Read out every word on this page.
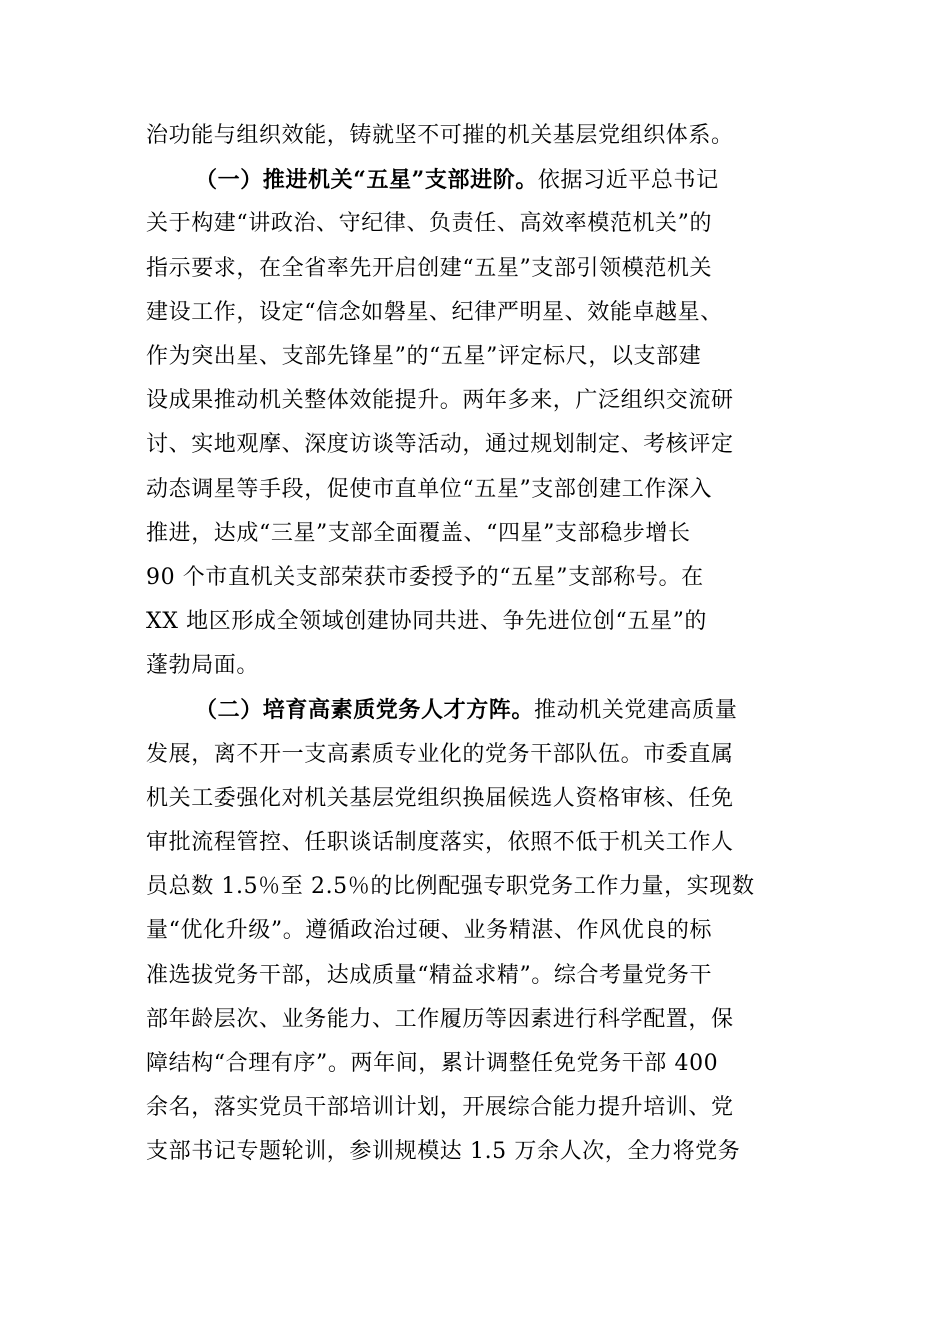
治功能与组织效能，铸就坚不可摧的机关基层党组织体系。
（一）推进机关“五星”支部进阶。依据习近平总书记
关于构建“讲政治、守纪律、负责任、高效率模范机关”的
指示要求，在全省率先开启创建“五星”支部引领模范机关
建设工作，设定“信念如磐星、纪律严明星、效能卓越星、
作为突出星、支部先锋星”的“五星”评定标尺，以支部建
设成果推动机关整体效能提升。两年多来，广泛组织交流研
讨、实地观摩、深度访谈等活动，通过规划制定、考核评定
动态调星等手段，促使市直单位“五星”支部创建工作深入
推进，达成“三星”支部全面覆盖、“四星”支部稳步增长
90 个市直机关支部荣获市委授予的“五星”支部称号。在
XX 地区形成全领域创建协同共进、争先进位创“五星”的
蓬勃局面。
（二）培育高素质党务人才方阵。推动机关党建高质量
发展，离不开一支高素质专业化的党务干部队伍。市委直属
机关工委强化对机关基层党组织换届候选人资格审核、任免
审批流程管控、任职谈话制度落实，依照不低于机关工作人
员总数 1.5％至 2.5％的比例配强专职党务工作力量，实现数
量“优化升级”。遵循政治过硬、业务精湛、作风优良的标
准选拔党务干部，达成质量“精益求精”。综合考量党务干
部年龄层次、业务能力、工作履历等因素进行科学配置，保
障结构“合理有序”。两年间，累计调整任免党务干部 400
余名，落实党员干部培训计划，开展综合能力提升培训、党
支部书记专题轮训，参训规模达 1.5 万余人次，全力将党务
